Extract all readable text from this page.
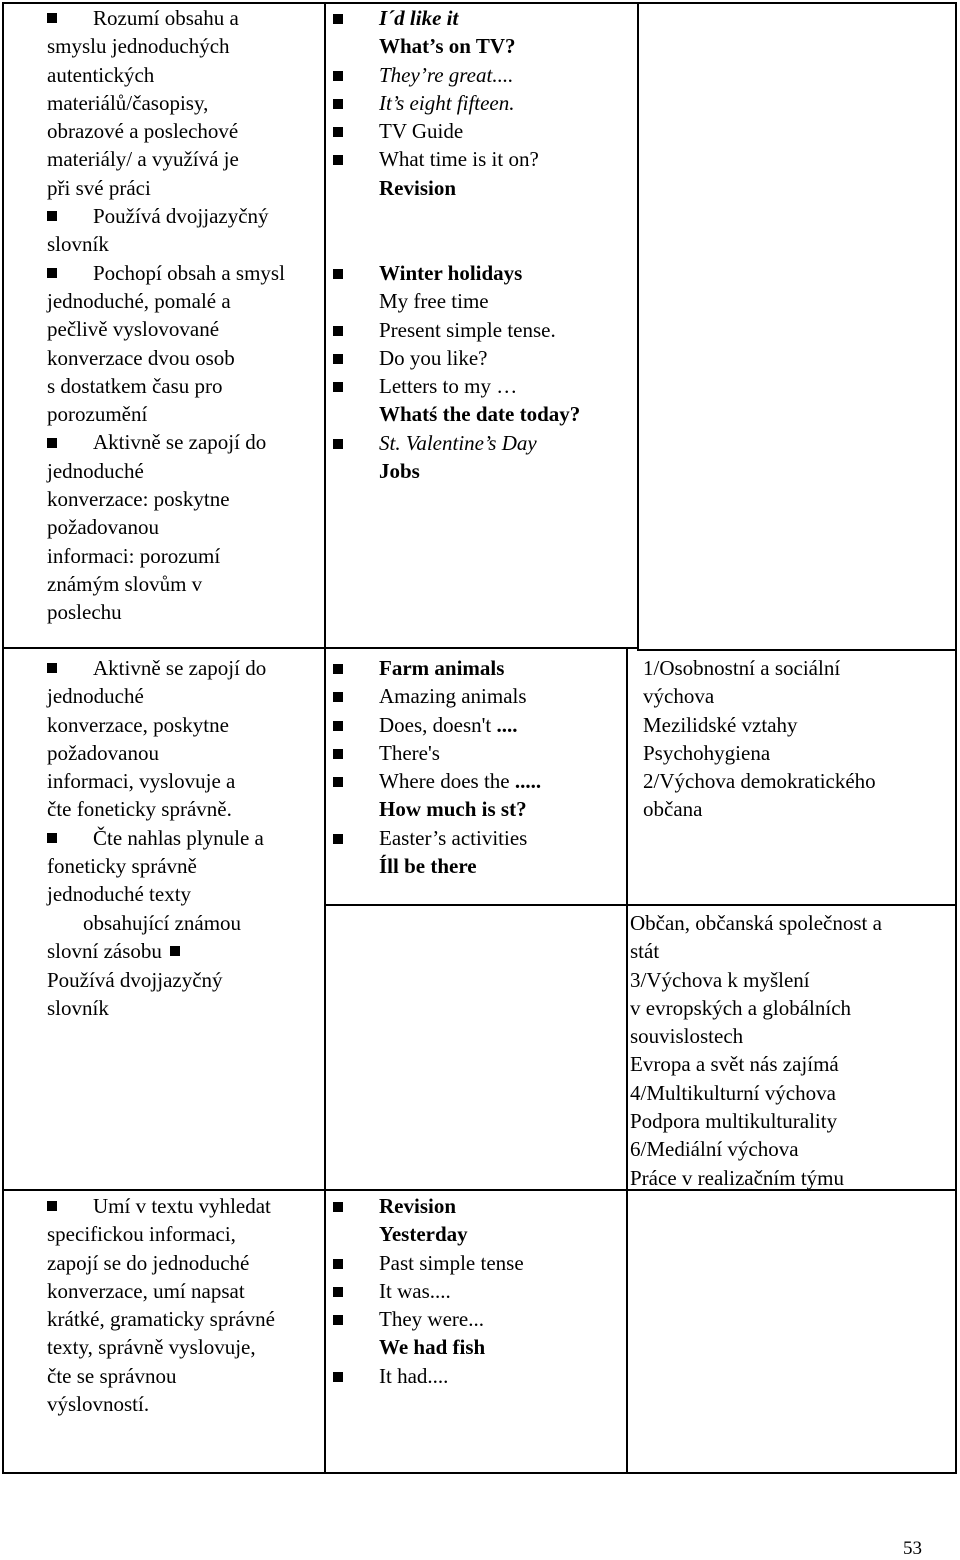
Rozumí obsahu a
smyslu jednoduchých
autentických
materiálů/časopisy,
obrazové a poslechové
materiály/ a využívá je
při své práci
Používá dvojjazyčný
slovník
Pochopí obsah a smysl
jednoduché, pomalé a
pečlivě vyslovované
konverzace dvou osob
s dostatkem času pro
porozumění
Aktivně se zapojí do
jednoduché
konverzace: poskytne
požadovanou
informaci: porozumí
známým slovům v
poslechu
I´d like it
What’s on TV?
They’re great....
It’s eight fifteen.
TV Guide
What time is it on?
Revision
Winter holidays
My free time
Present simple tense.
Do you like?
Letters to my …
Whatś the date today?
St. Valentine’s Day
Jobs
Aktivně se zapojí do
jednoduché
konverzace, poskytne
požadovanou
informaci, vyslovuje a
čte foneticky správně.
Čte nahlas plynule a
foneticky správně
jednoduché texty
obsahující známou
slovní zásobu
Používá dvojjazyčný
slovník
Farm animals
Amazing animals
Does, doesn't ....
There's
Where does the .....
How much is st?
Easter’s activities
Íll be there
1/Osobnostní a sociální
výchova
Mezilidské vztahy
Psychohygiena
2/Výchova demokratického
občana
Občan, občanská společnost a
stát
3/Výchova k myšlení
v evropských a globálních
souvislostech
Evropa a svět nás zajímá
4/Multikulturní výchova
Podpora multikulturality
6/Mediální výchova
Práce v realizačním týmu
Umí v textu vyhledat
specifickou informaci,
zapojí se do jednoduché
konverzace, umí napsat
krátké, gramaticky správné
texty, správně vyslovuje,
čte se správnou
výslovností.
Revision
Yesterday
Past simple tense
It was....
They were...
We had fish
It had....
53
